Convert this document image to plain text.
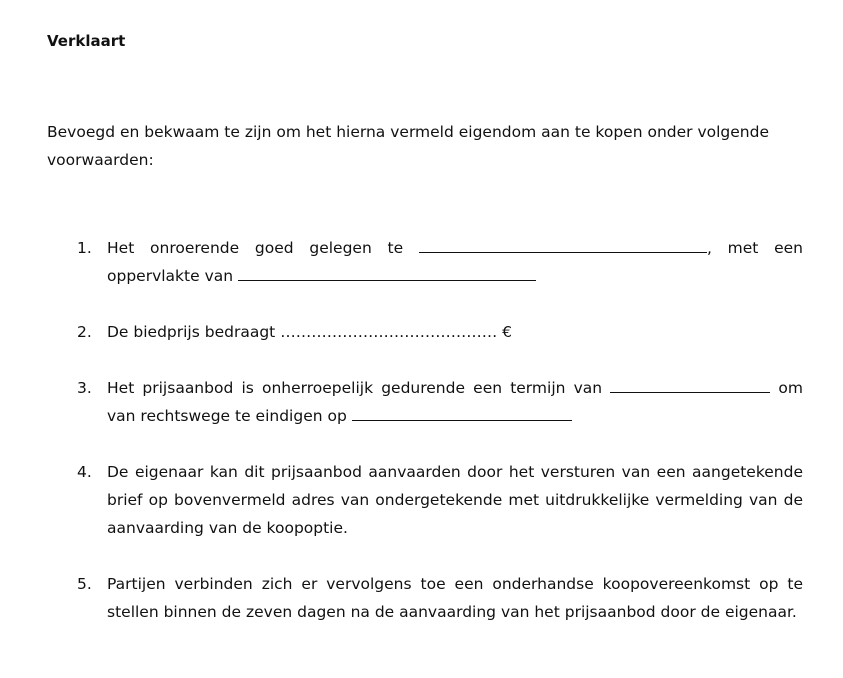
Verklaart

Bevoegd en bekwaam te zijn om het hierna vermeld eigendom aan te kopen onder volgende voorwaarden:

1. Het onroerende goed gelegen te	, met een oppervlakte van
2. De biedprijs bedraagt …………………………………… €
3. Het prijsaanbod is onherroepelijk gedurende een termijn van	om van rechtswege te eindigen op
4. De eigenaar kan dit prijsaanbod aanvaarden door het versturen van een aangetekende brief op bovenvermeld adres van ondergetekende met uitdrukkelijke vermelding van de aanvaarding van de koopoptie.
5. Partijen verbinden zich er vervolgens toe een onderhandse koopovereenkomst op te stellen binnen de zeven dagen na de aanvaarding van het prijsaanbod door de eigenaar.
